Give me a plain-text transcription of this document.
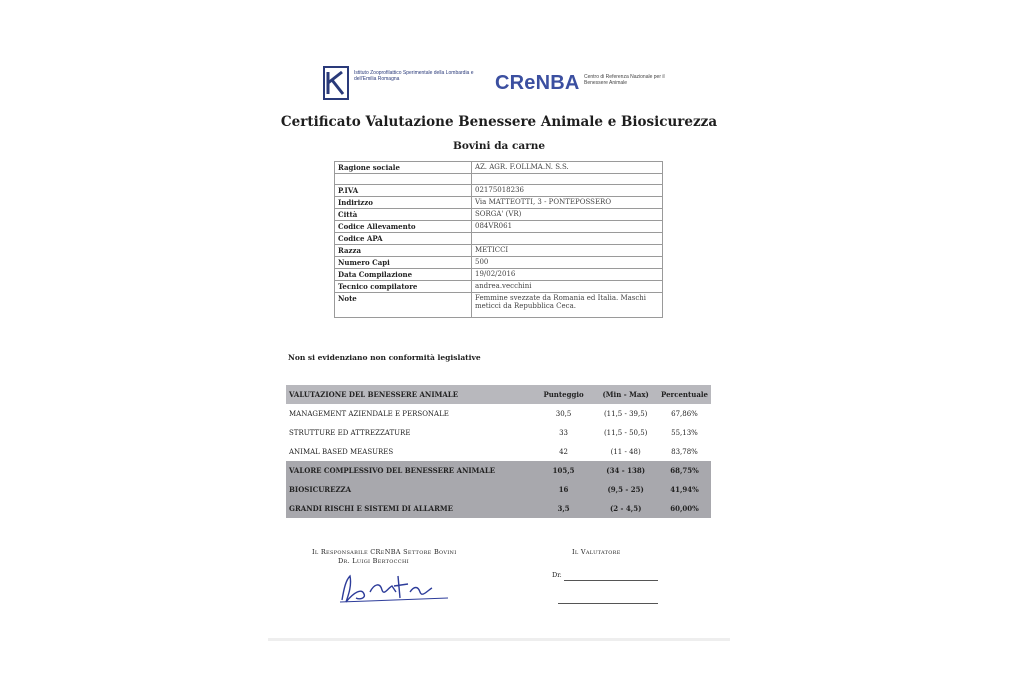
Istituto Zooprofilattico Sperimentale della Lombardia e dell'Emilia Romagna	CReNBA Centro di Referenza Nazionale per il Benessere Animale
Certificato Valutazione Benessere Animale e Biosicurezza
Bovini da carne
Ragione sociale	AZ. AGR. F.OLLMA.N. S.S.

P.IVA	02175018236
Indirizzo	Via MATTEOTTI, 3 - PONTEPOSSERO
Città	SORGA' (VR)
Codice Allevamento	084VR061
Codice APA	
Razza	METICCI
Numero Capi	500
Data Compilazione	19/02/2016
Tecnico compilatore	andrea.vecchini
Note	Femmine svezzate da Romania ed Italia. Maschi meticci da Repubblica Ceca.
Non si evidenziano non conformità legislative
VALUTAZIONE DEL BENESSERE ANIMALE	Punteggio	(Min - Max)	Percentuale
MANAGEMENT AZIENDALE E PERSONALE	30,5	(11,5 - 39,5)	67,86%
STRUTTURE ED ATTREZZATURE	33	(11,5 - 50,5)	55,13%
ANIMAL BASED MEASURES	42	(11 - 48)	83,78%
VALORE COMPLESSIVO DEL BENESSERE ANIMALE	105,5	(34 - 138)	68,75%
BIOSICUREZZA	16	(9,5 - 25)	41,94%
GRANDI RISCHI E SISTEMI DI ALLARME	3,5	(2 - 4,5)	60,00%
Il Responsabile CReNBA Settore Bovini
Dr. Luigi Bertocchi
Il Valutatore
Dr.
